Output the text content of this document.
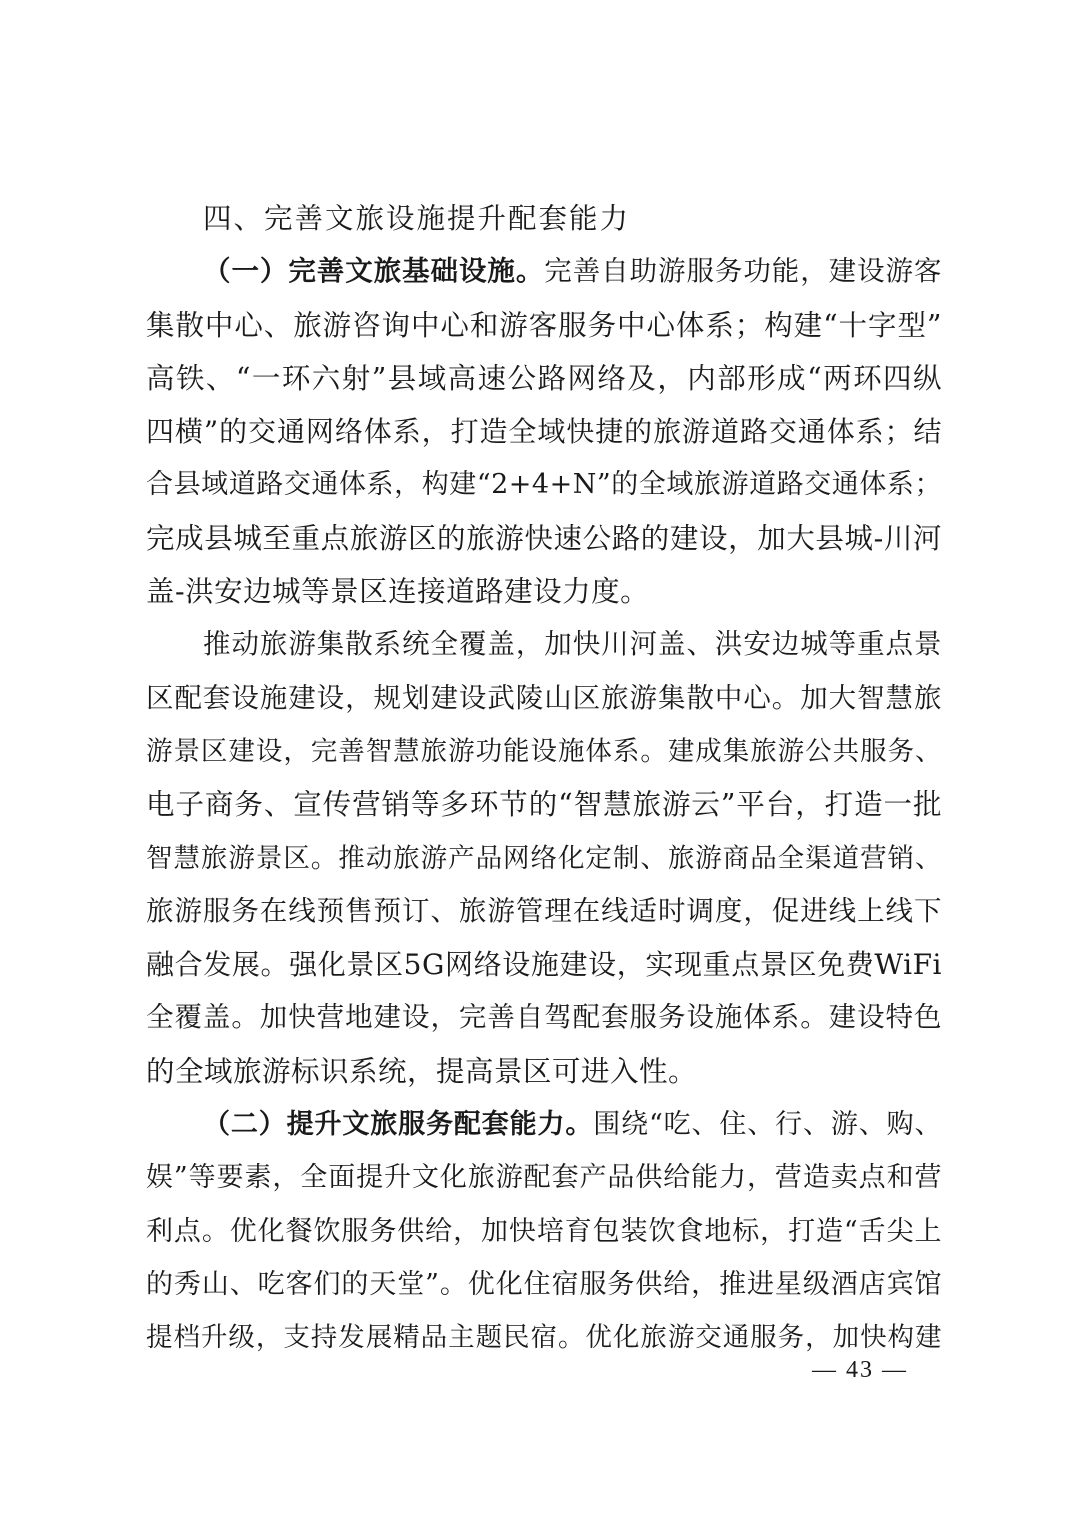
四、完善文旅设施提升配套能力
（一）完善文旅基础设施。完善自助游服务功能，建设游客
集散中心、旅游咨询中心和游客服务中心体系；构建“十字型”
高铁、“一环六射”县域高速公路网络及，内部形成“两环四纵
四横”的交通网络体系，打造全域快捷的旅游道路交通体系；结
合县域道路交通体系，构建“2+4+N”的全域旅游道路交通体系；
完成县城至重点旅游区的旅游快速公路的建设，加大县城-川河
盖-洪安边城等景区连接道路建设力度。
推动旅游集散系统全覆盖，加快川河盖、洪安边城等重点景
区配套设施建设，规划建设武陵山区旅游集散中心。加大智慧旅
游景区建设，完善智慧旅游功能设施体系。建成集旅游公共服务、
电子商务、宣传营销等多环节的“智慧旅游云”平台，打造一批
智慧旅游景区。推动旅游产品网络化定制、旅游商品全渠道营销、
旅游服务在线预售预订、旅游管理在线适时调度，促进线上线下
融合发展。强化景区5G网络设施建设，实现重点景区免费WiFi
全覆盖。加快营地建设，完善自驾配套服务设施体系。建设特色
的全域旅游标识系统，提高景区可进入性。
（二）提升文旅服务配套能力。围绕“吃、住、行、游、购、
娱”等要素，全面提升文化旅游配套产品供给能力，营造卖点和营
利点。优化餐饮服务供给，加快培育包装饮食地标，打造“舌尖上
的秀山、吃客们的天堂”。优化住宿服务供给，推进星级酒店宾馆
提档升级，支持发展精品主题民宿。优化旅游交通服务，加快构建
— 43 —
